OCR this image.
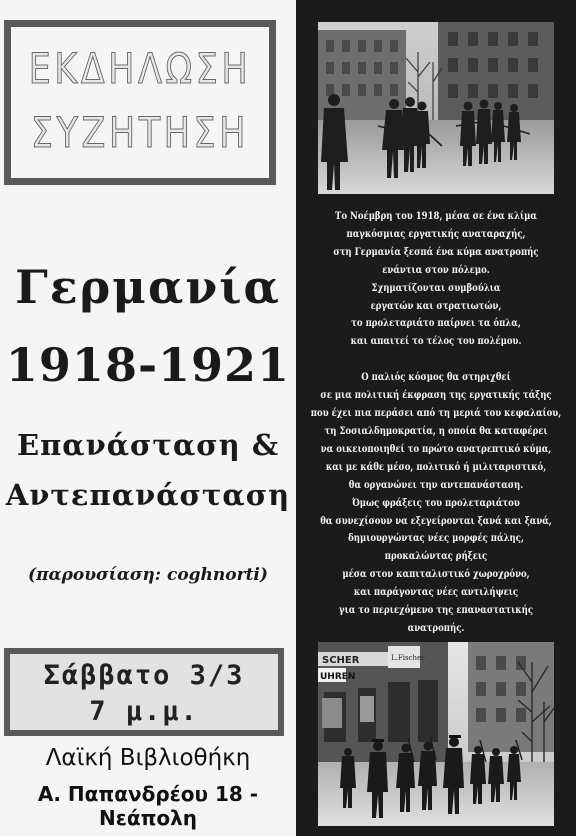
ΕΚΔΗΛΩΣΗ
ΣΥΖΗΤΗΣΗ
Γερμανία
1918-1921
Επανάσταση &
Αντεπανάσταση
(παρουσίαση: coghnorti)
Σάββατο 3/3
7 μ.μ.
Λαϊκή Βιβλιοθήκη
Α. Παπανδρέου 18 - Νεάπολη
Το Νοέμβρη του 1918, μέσα σε ένα κλίμα
παγκόσμιας εργατικής αναταραχής,
στη Γερμανία ξεσπά ένα κύμα ανατροπής
ενάντια στον πόλεμο.
Σχηματίζονται συμβούλια
εργατών και στρατιωτών,
το προλεταριάτο παίρνει τα όπλα,
και απαιτεί το τέλος του πολέμου.
Ο παλιός κόσμος θα στηριχθεί
σε μια πολιτική έκφραση της εργατικής τάξης
που έχει πια περάσει από τη μεριά του κεφαλαίου,
τη Σοσιαλδημοκρατία, η οποία θα καταφέρει
να οικειοποιηθεί το πρώτο ανατρεπτικό κύμα,
και με κάθε μέσο, πολιτικό ή μιλιταριστικό,
θα οργανώνει την αντεπανάσταση.
Όμως φράξεις του προλεταριάτου
θα συνεχίσουν να εξεγείρονται ξανά και ξανά,
δημιουργώντας νέες μορφές πάλης,
προκαλώντας ρήξεις
μέσα στον καπιταλιστικό χωροχρόνο,
και παράγοντας νέες αντιλήψεις
για το περιεχόμενο της επαναστατικής ανατροπής.
SCHER	L.Fischer
UHREN
